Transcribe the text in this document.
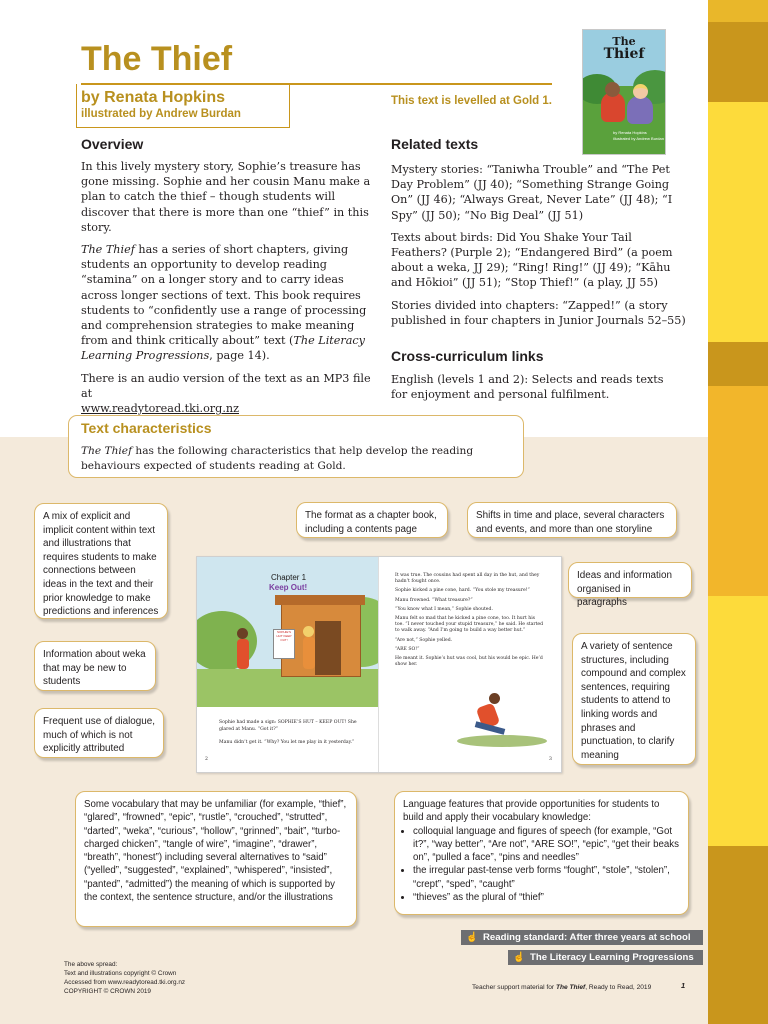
The Thief
by Renata Hopkins
illustrated by Andrew Burdan
This text is levelled at Gold 1.
The
Thief
by Renata Hopkins
illustrated by Andrew Burdan
Overview

In this lively mystery story, Sophie’s treasure has gone missing. Sophie and her cousin Manu make a plan to catch the thief – though students will discover that there is more than one “thief” in this story.

The Thief has a series of short chapters, giving students an opportunity to develop reading “stamina” on a longer story and to carry ideas across longer sections of text. This book requires students to “confidently use a range of processing and comprehension strategies to make meaning from and think critically about” text (The Literacy Learning Progressions, page 14).

There is an audio version of the text as an MP3 file at
www.readytoread.tki.org.nz

Related texts

Mystery stories: “Taniwha Trouble” and “The Pet Day Problem” (JJ 40); “Something Strange Going On” (JJ 46); “Always Great, Never Late” (JJ 48); “I Spy” (JJ 50); “No Big Deal” (JJ 51)

Texts about birds: Did You Shake Your Tail Feathers? (Purple 2); “Endangered Bird” (a poem about a weka, JJ 29); “Ring! Ring!” (JJ 49); “Kāhu and Hōkioi” (JJ 51); “Stop Thief!” (a play, JJ 55)

Stories divided into chapters: “Zapped!” (a story published in four chapters in Junior Journals 52–55)

Cross-curriculum links

English (levels 1 and 2): Selects and reads texts for enjoyment and personal fulfilment.

Text characteristics

The Thief has the following characteristics that help develop the reading behaviours expected of students reading at Gold.

A mix of explicit and implicit content within text and illustrations that requires students to make connections between ideas in the text and their prior knowledge to make predictions and inferences
Information about weka that may be new to students
Frequent use of dialogue, much of which is not explicitly attributed
The format as a chapter book, including a contents page
Shifts in time and place, several characters and events, and more than one storyline
Ideas and information organised in paragraphs
A variety of sentence structures, including compound and complex sentences, requiring students to attend to linking words and phrases and punctuation, to clarify meaning
Some vocabulary that may be unfamiliar (for example, “thief”, “glared”, “frowned”, “epic”, “rustle”, “crouched”, “strutted”, “darted”, “weka”, “curious”, “hollow”, “grinned”, “bait”, “turbo-charged chicken”, “tangle of wire”, “imagine”, “drawer”, “breath”, “honest”) including several alternatives to “said” (“yelled”, “suggested”, “explained”, “whispered”, “insisted”, “panted”, “admitted”) the meaning of which is supported by the context, the sentence structure, and/or the illustrations
Language features that provide opportunities for students to build and apply their vocabulary knowledge:
• colloquial language and figures of speech (for example, “Got it?”, “way better”, “Are not”, “ARE SO!”, “epic”, “get their beaks on”, “pulled a face”, “pins and needles”
• the irregular past-tense verb forms “fought”, “stole”, “stolen”, “crept”, “sped”, “caught”
• “thieves” as the plural of “thief”
SOPHIE'S HUT KEEP OUT!
Chapter 1
Keep Out!

Sophie had made a sign: SOPHIE’S HUT – KEEP OUT! She glared at Manu. “Got it?”

Manu didn’t get it. “Why? You let me play in it yesterday.”

2
It was true. The cousins had spent all day in the hut, and they hadn’t fought once.
Sophie kicked a pine cone, hard. “You stole my treasure!”
Manu frowned. “What treasure?”
“You know what I mean,” Sophie shouted.
Manu felt so mad that he kicked a pine cone, too. It hurt his toe. “I never touched your stupid treasure,” he said. He started to walk away. “And I’m going to build a way better hut.”
“Are not,” Sophie yelled.
“ARE SO!”
He meant it. Sophie’s hut was cool, but his would be epic. He’d show her.
3
☝ Reading standard: After three years at school
☝ The Literacy Learning Progressions
The above spread:
Text and illustrations copyright © Crown
Accessed from www.readytoread.tki.org.nz
COPYRIGHT © CROWN 2019
Teacher support material for The Thief, Ready to Read, 2019	1
